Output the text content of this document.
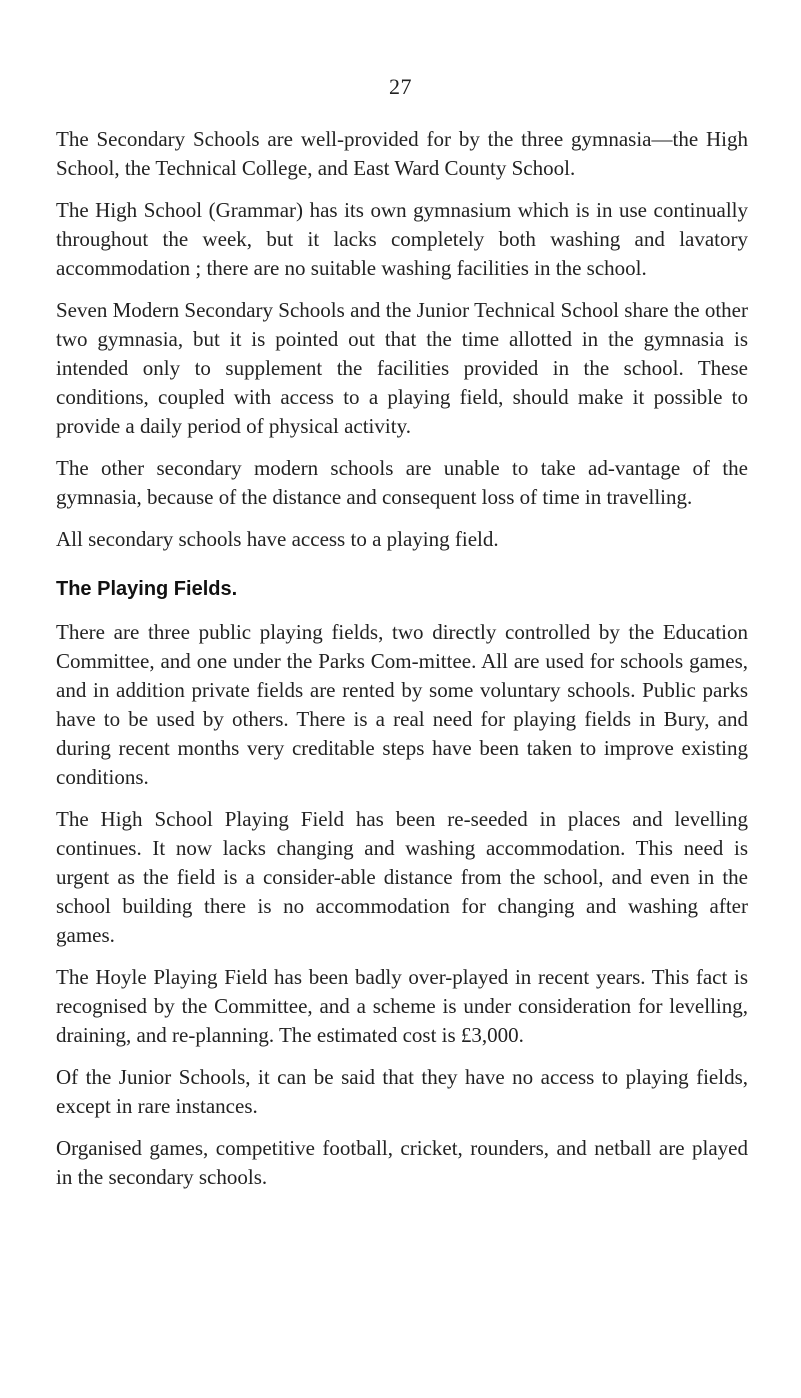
27

The Secondary Schools are well-provided for by the three gymnasia—the High School, the Technical College, and East Ward County School.

The High School (Grammar) has its own gymnasium which is in use continually throughout the week, but it lacks completely both washing and lavatory accommodation ; there are no suitable washing facilities in the school.

Seven Modern Secondary Schools and the Junior Technical School share the other two gymnasia, but it is pointed out that the time allotted in the gymnasia is intended only to supplement the facilities provided in the school. These conditions, coupled with access to a playing field, should make it possible to provide a daily period of physical activity.

The other secondary modern schools are unable to take ad-vantage of the gymnasia, because of the distance and consequent loss of time in travelling.

All secondary schools have access to a playing field.

The Playing Fields.

There are three public playing fields, two directly controlled by the Education Committee, and one under the Parks Com-mittee. All are used for schools games, and in addition private fields are rented by some voluntary schools. Public parks have to be used by others. There is a real need for playing fields in Bury, and during recent months very creditable steps have been taken to improve existing conditions.

The High School Playing Field has been re-seeded in places and levelling continues. It now lacks changing and washing accommodation. This need is urgent as the field is a consider-able distance from the school, and even in the school building there is no accommodation for changing and washing after games.

The Hoyle Playing Field has been badly over-played in recent years. This fact is recognised by the Committee, and a scheme is under consideration for levelling, draining, and re-planning. The estimated cost is £3,000.

Of the Junior Schools, it can be said that they have no access to playing fields, except in rare instances.

Organised games, competitive football, cricket, rounders, and netball are played in the secondary schools.
